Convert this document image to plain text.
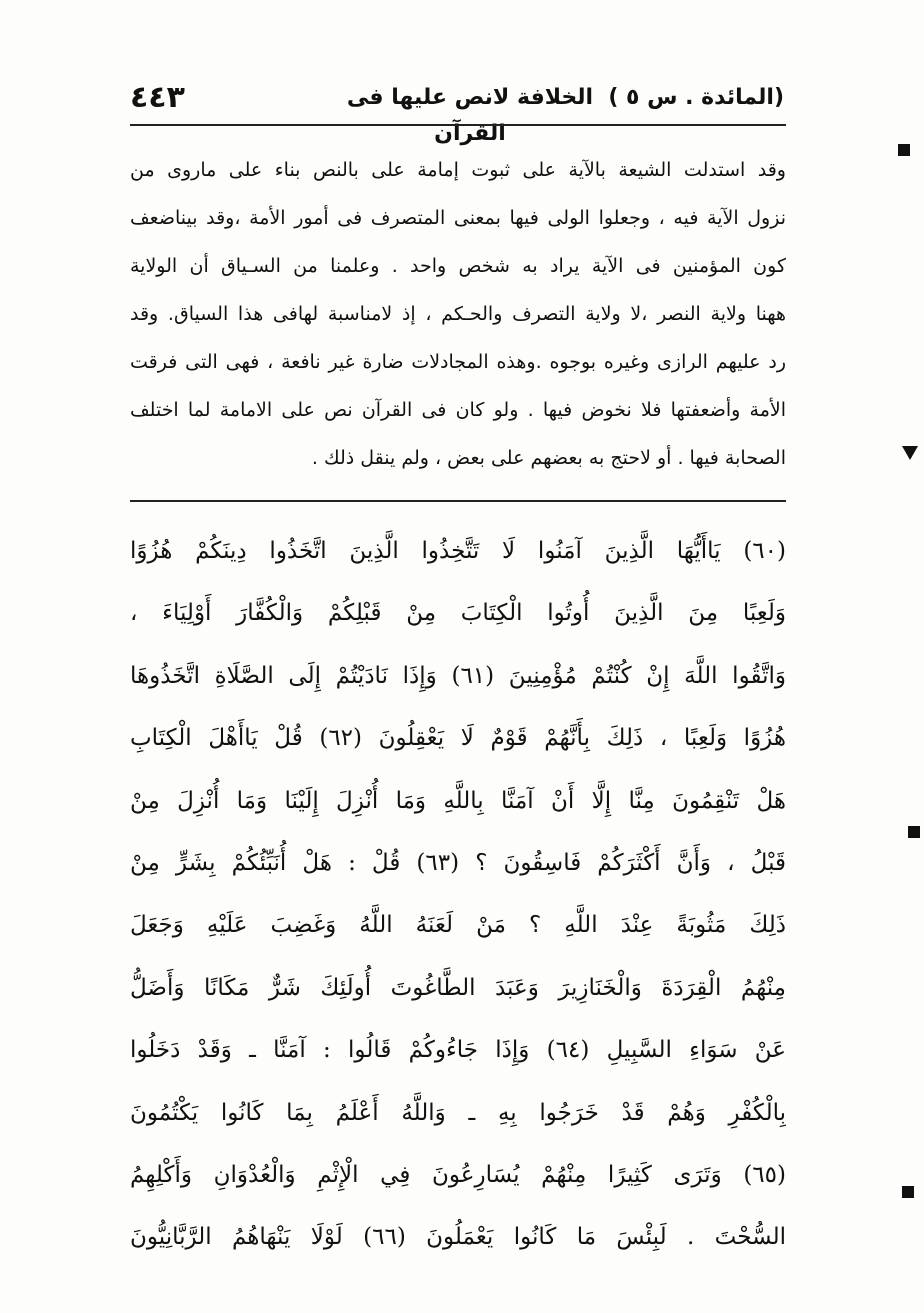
(المائدة . س ٥ )
الخلافة لانص عليها فى القرآن
٤٤٣
وقد استدلت الشيعة بالآية على ثبوت إمامة على بالنص بناء على ماروى من
نزول الآية فيه ، وجعلوا الولى فيها بمعنى المتصرف فى أمور الأمة ،وقد بيناضعف
كون المؤمنين فى الآية يراد به شخص واحد . وعلمنا من السـياق أن الولاية
ههنا ولاية النصر ،لا ولاية التصرف والحـكم ، إذ لامناسبة لهافى هذا السياق. وقد
رد عليهم الرازى وغيره بوجوه .وهذه المجادلات ضارة غير نافعة ، فهى التى فرقت
الأمة وأضعفتها فلا نخوض فيها . ولو كان فى القرآن نص على الامامة لما اختلف
الصحابة فيها . أو لاحتج به بعضهم على بعض ، ولم ينقل ذلك .
(٦٠) يَاأَيُّهَا الَّذِينَ آمَنُوا لَا تَتَّخِذُوا الَّذِينَ اتَّخَذُوا دِينَكُمْ هُزُوًا
وَلَعِبًا مِنَ الَّذِينَ أُوتُوا الْكِتَابَ مِنْ قَبْلِكُمْ وَالْكُفَّارَ أَوْلِيَاءَ ،
وَاتَّقُوا اللَّهَ إِنْ كُنْتُمْ مُؤْمِنِينَ (٦١) وَإِذَا نَادَيْتُمْ إِلَى الصَّلَاةِ اتَّخَذُوهَا
هُزُوًا وَلَعِبًا ، ذَلِكَ بِأَنَّهُمْ قَوْمٌ لَا يَعْقِلُونَ (٦٢) قُلْ يَاأَهْلَ الْكِتَابِ
هَلْ تَنْقِمُونَ مِنَّا إِلَّا أَنْ آمَنَّا بِاللَّهِ وَمَا أُنْزِلَ إِلَيْنَا وَمَا أُنْزِلَ مِنْ
قَبْلُ ، وَأَنَّ أَكْثَرَكُمْ فَاسِقُونَ ؟ (٦٣) قُلْ : هَلْ أُنَبِّئُكُمْ بِشَرٍّ مِنْ
ذَلِكَ مَثُوبَةً عِنْدَ اللَّهِ ؟ مَنْ لَعَنَهُ اللَّهُ وَغَضِبَ عَلَيْهِ وَجَعَلَ
مِنْهُمُ الْقِرَدَةَ وَالْخَنَازِيرَ وَعَبَدَ الطَّاغُوتَ أُولَئِكَ شَرٌّ مَكَانًا وَأَضَلُّ
عَنْ سَوَاءِ السَّبِيلِ (٦٤) وَإِذَا جَاءُوكُمْ قَالُوا : آمَنَّا ـ وَقَدْ دَخَلُوا
بِالْكُفْرِ وَهُمْ قَدْ خَرَجُوا بِهِ ـ وَاللَّهُ أَعْلَمُ بِمَا كَانُوا يَكْتُمُونَ
(٦٥) وَتَرَى كَثِيرًا مِنْهُمْ يُسَارِعُونَ فِي الْإِثْمِ وَالْعُدْوَانِ وَأَكْلِهِمُ
السُّحْتَ . لَبِئْسَ مَا كَانُوا يَعْمَلُونَ (٦٦) لَوْلَا يَنْهَاهُمُ الرَّبَّانِيُّونَ
